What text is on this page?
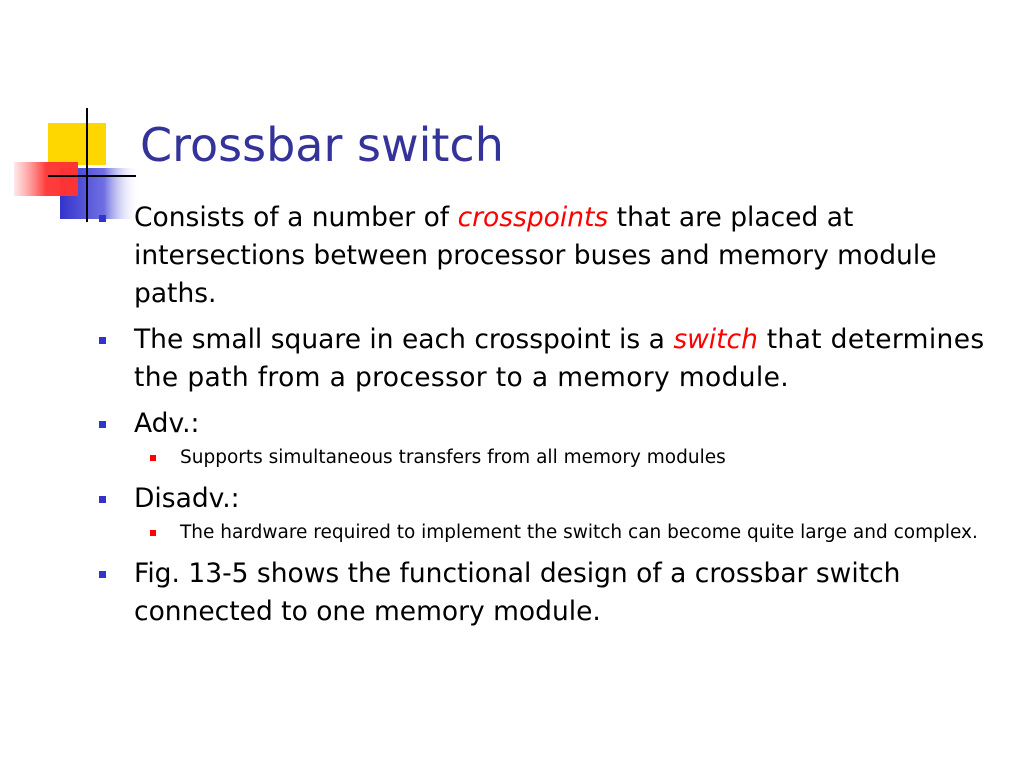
Crossbar switch
Consists of a number of crosspoints that are placed at intersections between processor buses and memory module paths.
The small square in each crosspoint is a switch that determines the path from a processor to a memory module.
Adv.:
Supports simultaneous transfers from all memory modules
Disadv.:
The hardware required to implement the switch can become quite large and complex.
Fig. 13-5 shows the functional design of a crossbar switch connected to one memory module.
